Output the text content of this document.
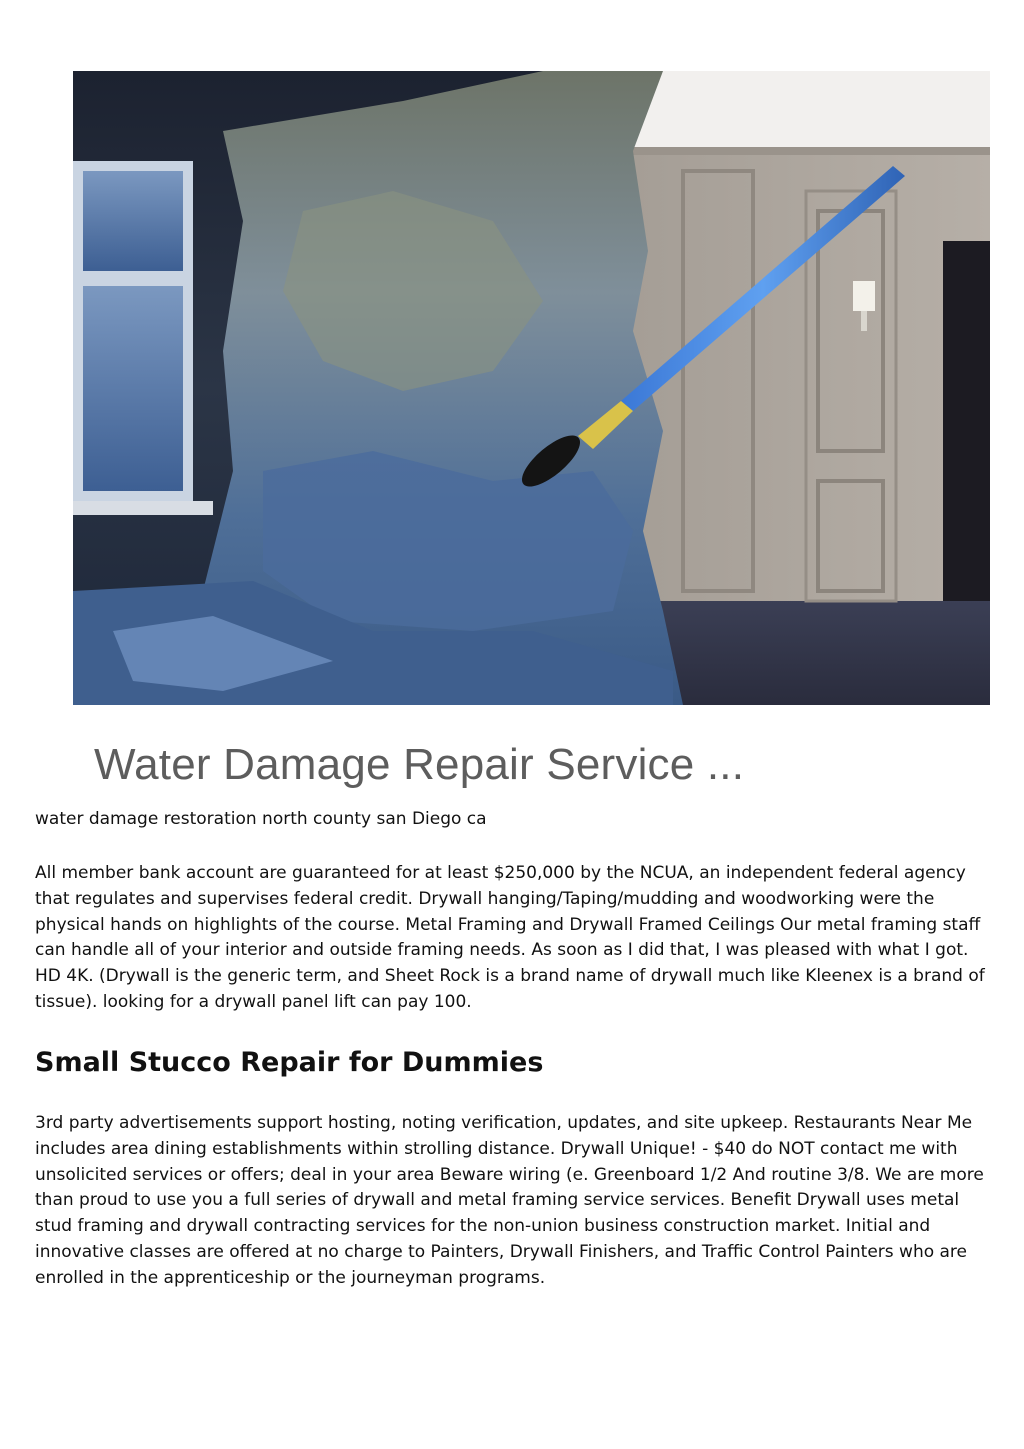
Water Damage Repair Service ...

water damage restoration north county san Diego ca

All member bank account are guaranteed for at least $250,000 by the NCUA, an independent federal agency that regulates and supervises federal credit. Drywall hanging/Taping/mudding and woodworking were the physical hands on highlights of the course. Metal Framing and Drywall Framed Ceilings Our metal framing staff can handle all of your interior and outside framing needs. As soon as I did that, I was pleased with what I got. HD 4K. (Drywall is the generic term, and Sheet Rock is a brand name of drywall much like Kleenex is a brand of tissue). looking for a drywall panel lift can pay 100.

Small Stucco Repair for Dummies

3rd party advertisements support hosting, noting verification, updates, and site upkeep. Restaurants Near Me includes area dining establishments within strolling distance. Drywall Unique! - $40 do NOT contact me with unsolicited services or offers; deal in your area Beware wiring (e. Greenboard 1/2 And routine 3/8. We are more than proud to use you a full series of drywall and metal framing service services. Benefit Drywall uses metal stud framing and drywall contracting services for the non-union business construction market. Initial and innovative classes are offered at no charge to Painters, Drywall Finishers, and Traffic Control Painters who are enrolled in the apprenticeship or the journeyman programs.
